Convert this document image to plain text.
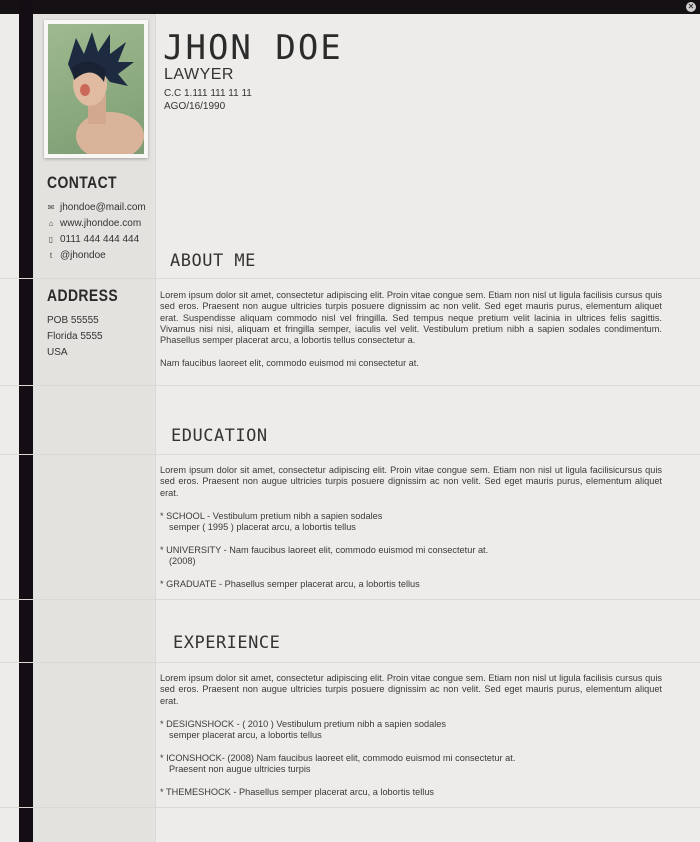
✕
JHON DOE
LAWYER
C.C 1.111 111 11 11
AGO/16/1990
CONTACT
✉ jhondoe@mail.com
⌂ www.jhondoe.com
▯ 0111 444 444 444
t @jhondoe
ADDRESS
POB 55555
Florida 5555
USA
ABOUT ME

Lorem ipsum dolor sit amet, consectetur adipiscing elit. Proin vitae congue sem. Etiam non nisl ut ligula facilisis cursus quis sed eros. Praesent non augue ultricies turpis posuere dignissim ac non velit. Sed eget mauris purus, elementum aliquet erat. Suspendisse aliquam commodo nisl vel fringilla. Sed tempus neque pretium velit lacinia in ultrices felis sagittis. Vivamus nisi nisi, aliquam et fringilla semper, iaculis vel velit. Vestibulum pretium nibh a sapien sodales condimentum. Phasellus semper placerat arcu, a lobortis tellus consectetur a.

Nam faucibus laoreet elit, commodo euismod mi consectetur at.

EDUCATION

Lorem ipsum dolor sit amet, consectetur adipiscing elit. Proin vitae congue sem. Etiam non nisl ut ligula facilisicursus quis sed eros. Praesent non augue ultricies turpis posuere dignissim ac non velit. Sed eget mauris purus, elementum aliquet erat.

* SCHOOL - Vestibulum pretium nibh a sapien sodales
semper ( 1995 ) placerat arcu, a lobortis tellus
* UNIVERSITY - Nam faucibus laoreet elit, commodo euismod mi consectetur at.
(2008)
* GRADUATE - Phasellus semper placerat arcu, a lobortis tellus
EXPERIENCE

Lorem ipsum dolor sit amet, consectetur adipiscing elit. Proin vitae congue sem. Etiam non nisl ut ligula facilisis cursus quis sed eros. Praesent non augue ultricies turpis posuere dignissim ac non velit. Sed eget mauris purus, elementum aliquet erat.

* DESIGNSHOCK - ( 2010 ) Vestibulum pretium nibh a sapien sodales
semper placerat arcu, a lobortis tellus
* ICONSHOCK- (2008) Nam faucibus laoreet elit, commodo euismod mi consectetur at.
Praesent non augue ultricies turpis
* THEMESHOCK - Phasellus semper placerat arcu, a lobortis tellus
